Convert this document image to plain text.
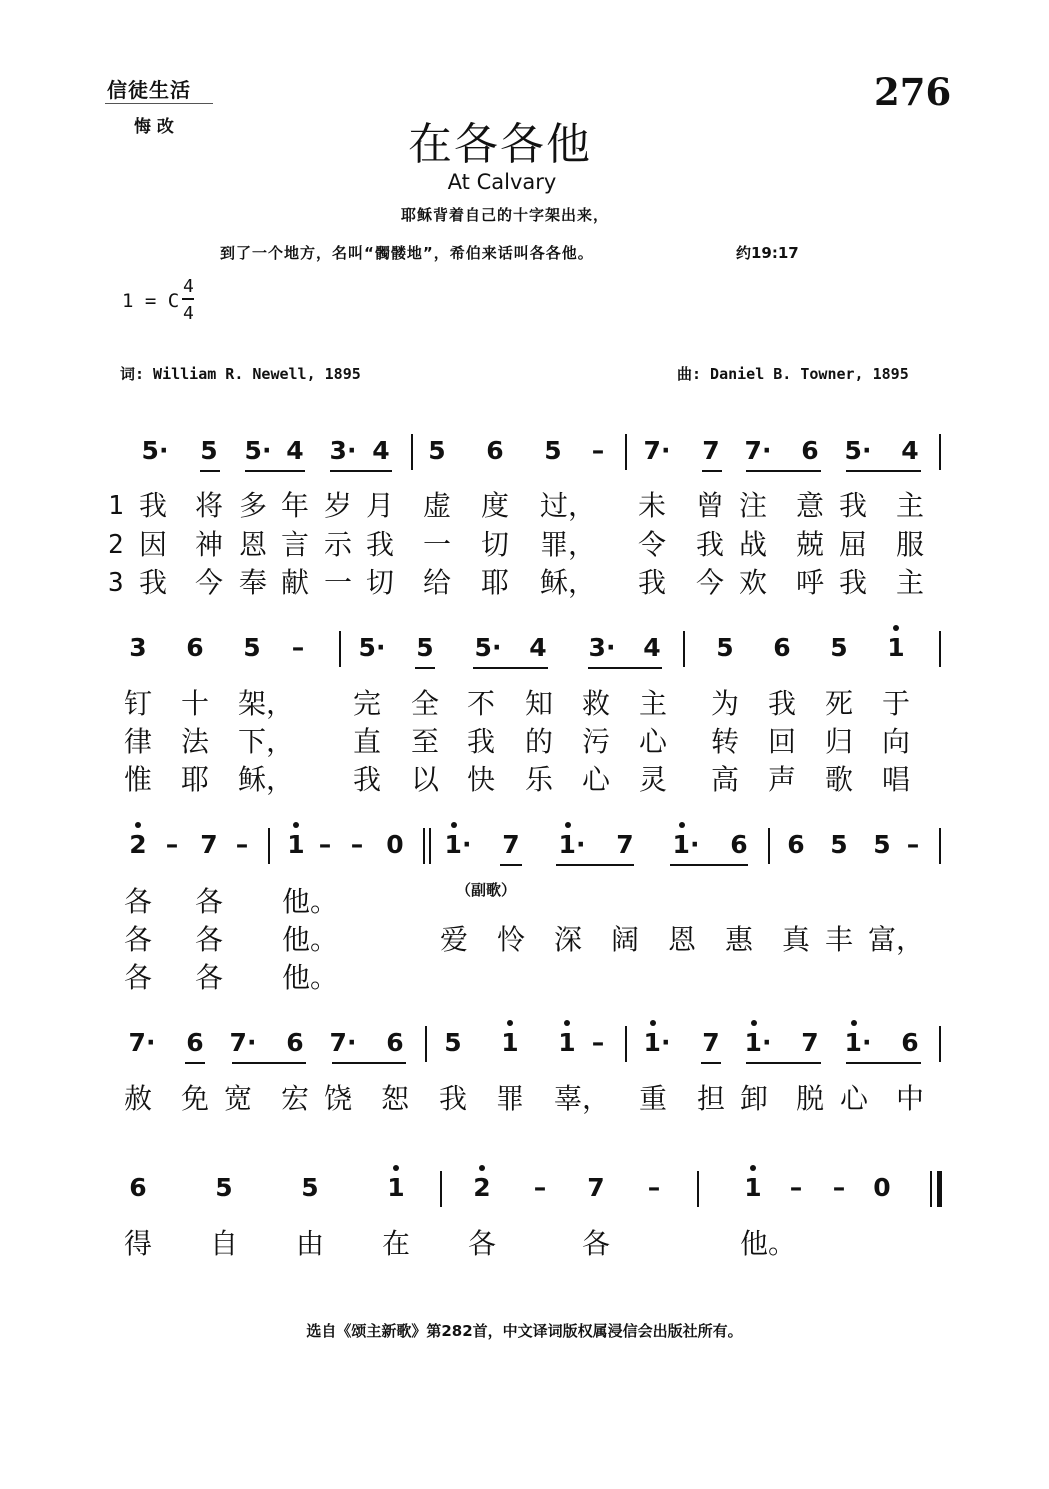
信徒生活
悔 改
276
在各各他
At Calvary
耶稣背着自己的十字架出来，
到了一个地方，名叫“髑髅地”，希伯来话叫各各他。	约19:17
1 = C
4
4
词: William R. Newell, 1895	曲: Daniel B. Towner, 1895
5·	5	5· 4	3· 4	5	6	5	–	7·	7 7·	6	5·	4
1 我 将 多 年 岁 月 虚 度 过， 未 曾 注 意 我 主
2 因 神 恩 言 示 我 一 切 罪， 令 我 战 兢 屈 服
3 我 今 奉 献 一 切 给 耶 稣， 我 今 欢 呼 我 主
3	6	5	–	5·	5	5·	4	3·	4	5	6	5	1
钉 十 架， 完 全 不 知 救 主 为 我 死 于
律 法 下， 直 至 我 的 污 心 转 回 归 向
惟 耶 稣， 我 以 快 乐 心 灵 高 声 歌 唱
2 – 7 –	1 – – 0	1·	7	1·	7	1·	6	6	5	5 –
（副歌）
各 各 他。
各 各 他。	爱 怜 深 阔 恩 惠 真 丰 富，
各 各 他。
7·	6	7·	6	7·	6	5	1	1 –	1·	7 1·	7	1·	6
赦 免 宽 宏 饶 恕 我 罪 辜， 重 担 卸 脱 心 中
6	5	5	1	2	–	7	–	1	–	–	0
得 自 由 在 各	各	他。
选自《颂主新歌》第282首，中文译词版权属浸信会出版社所有。
